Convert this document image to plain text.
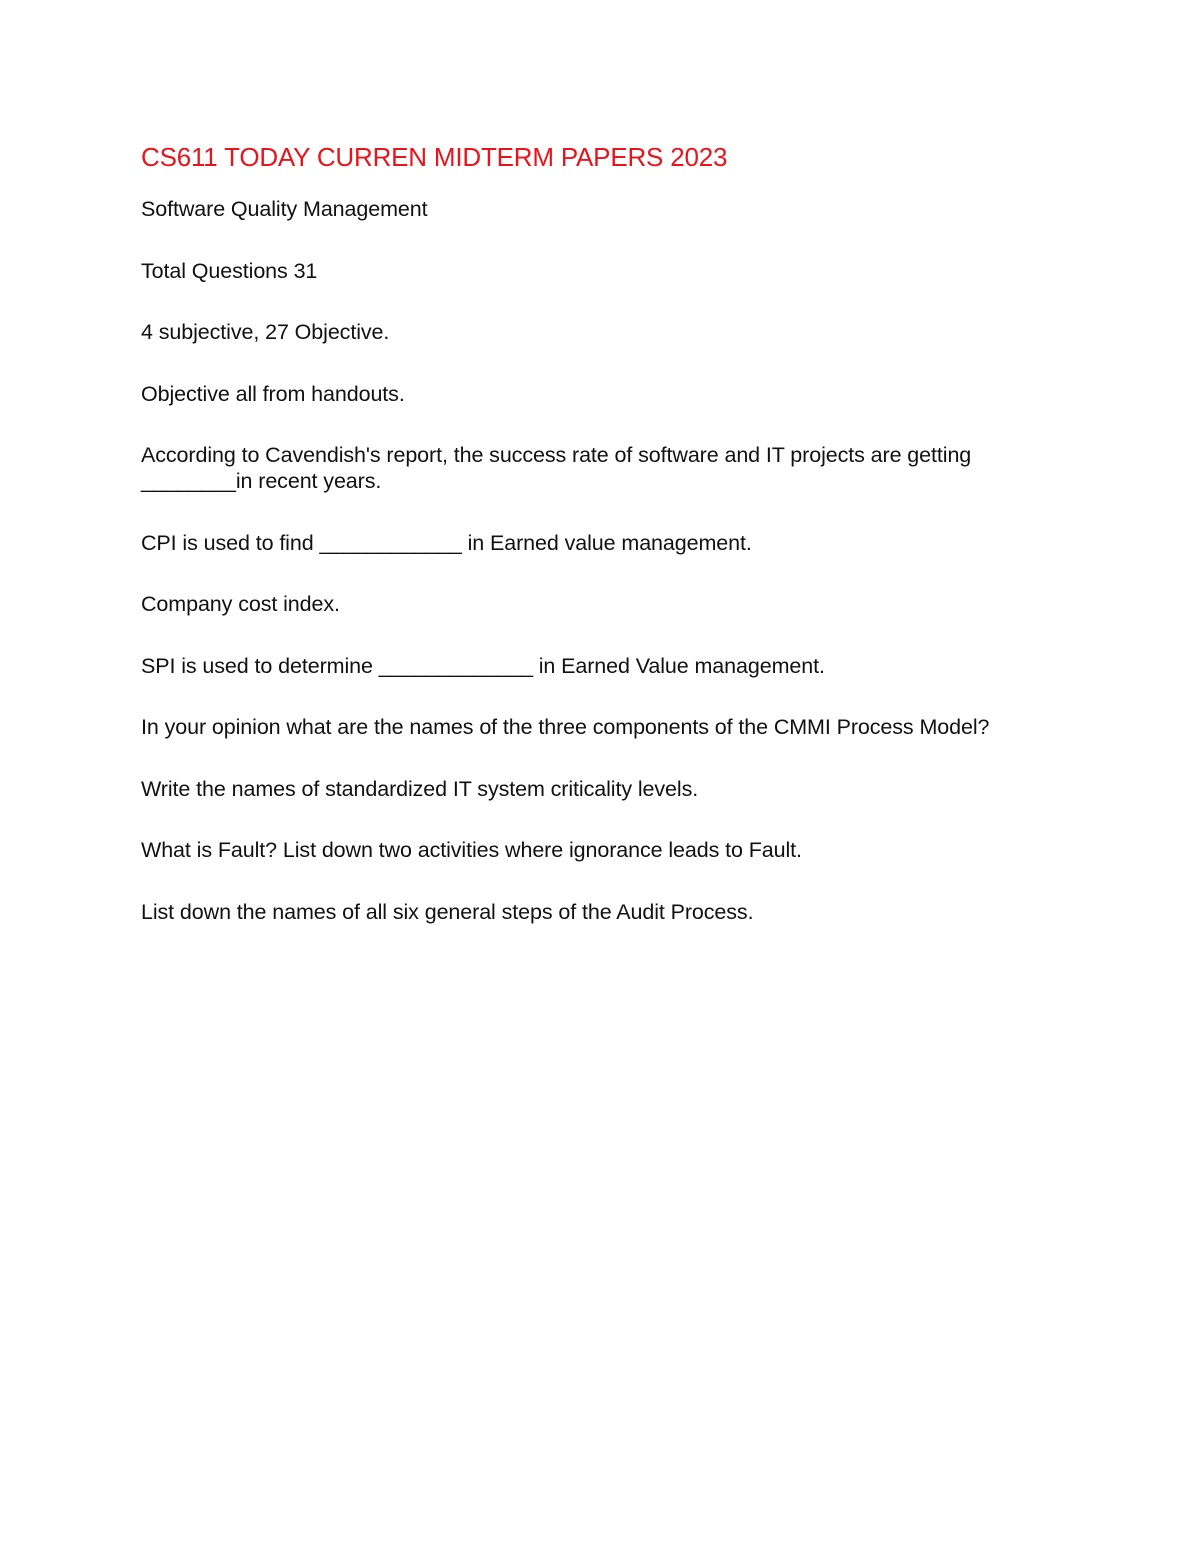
CS611 TODAY CURREN MIDTERM PAPERS 2023

Software Quality Management

Total Questions 31

4 subjective, 27 Objective.

Objective all from handouts.

According to Cavendish's report, the success rate of software and IT projects are getting
________in recent years.

CPI is used to find ____________ in Earned value management.

Company cost index.

SPI is used to determine _____________ in Earned Value management.

In your opinion what are the names of the three components of the CMMI Process Model?

Write the names of standardized IT system criticality levels.

What is Fault? List down two activities where ignorance leads to Fault.

List down the names of all six general steps of the Audit Process.
